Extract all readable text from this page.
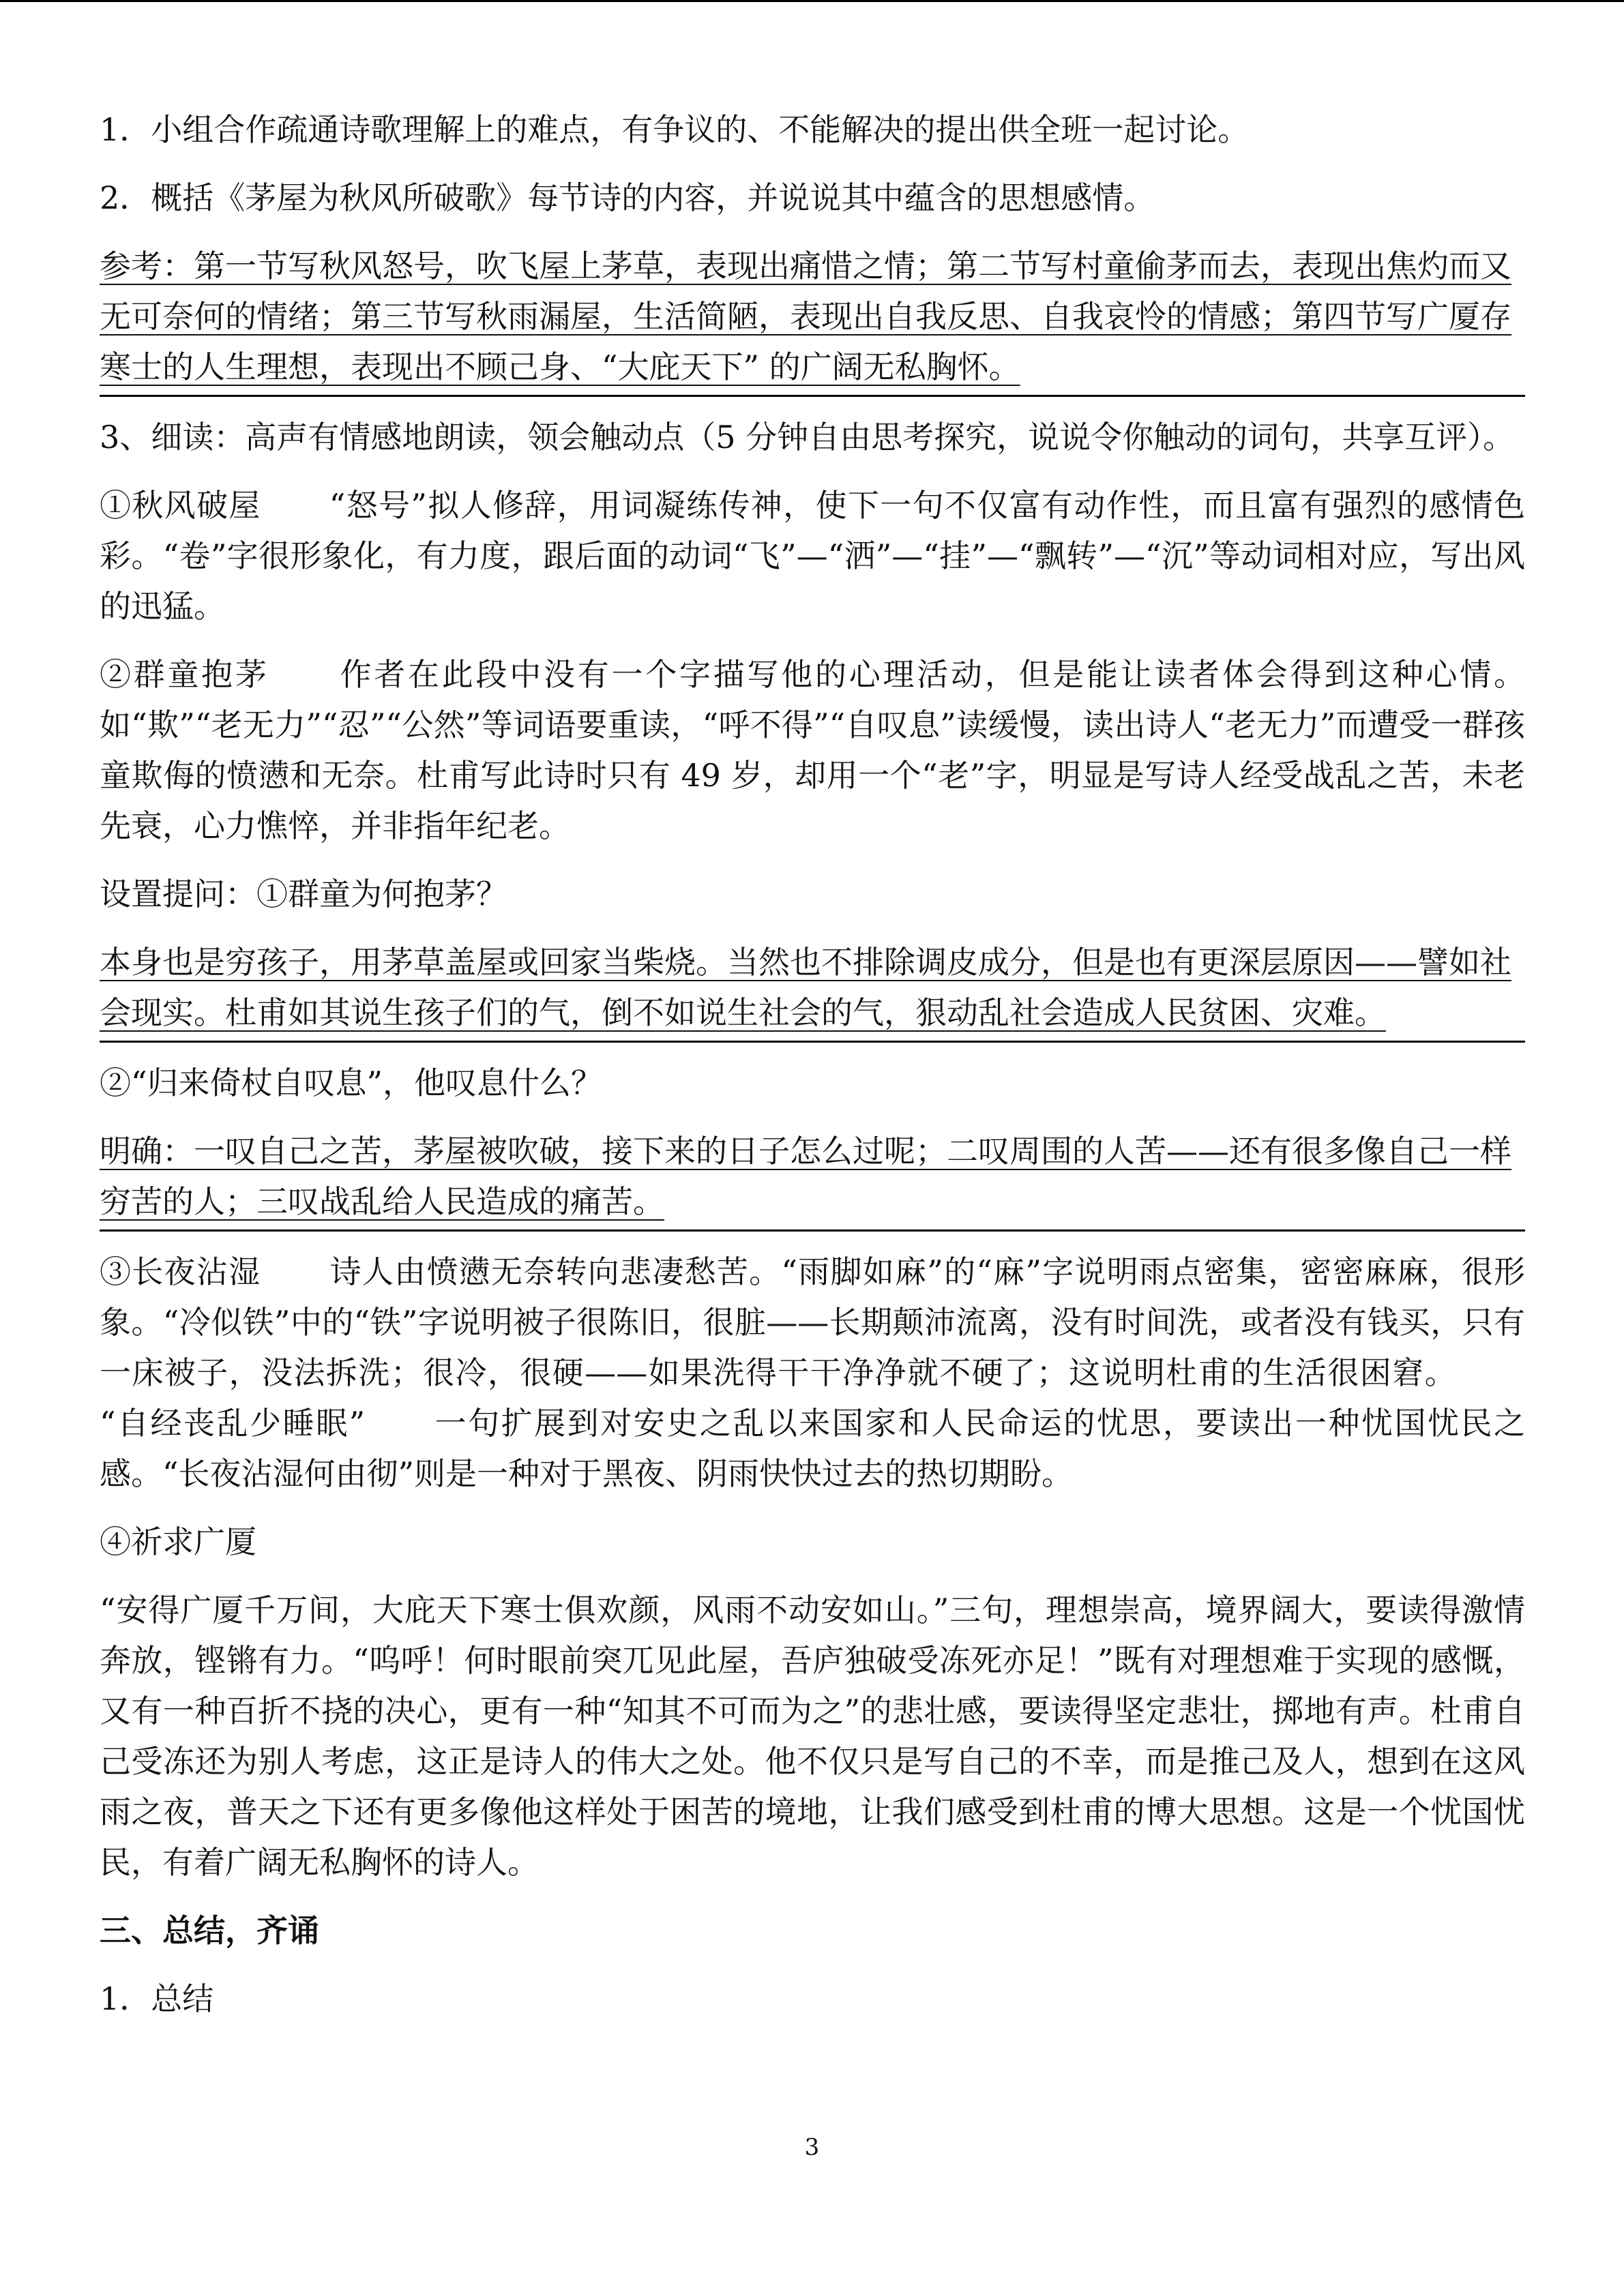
1．小组合作疏通诗歌理解上的难点，有争议的、不能解决的提出供全班一起讨论。

2．概括《茅屋为秋风所破歌》每节诗的内容，并说说其中蕴含的思想感情。

参考：第一节写秋风怒号，吹飞屋上茅草，表现出痛惜之情；第二节写村童偷茅而去，表现出焦灼而又无可奈何的情绪；第三节写秋雨漏屋，生活简陋，表现出自我反思、自我哀怜的情感；第四节写广厦存寒士的人生理想，表现出不顾己身、“大庇天下” 的广阔无私胸怀。

3、细读：高声有情感地朗读，领会触动点（5 分钟自由思考探究，说说令你触动的词句，共享互评）。

①秋风破屋 “怒号”拟人修辞，用词凝练传神，使下一句不仅富有动作性，而且富有强烈的感情色彩。“卷”字很形象化，有力度，跟后面的动词“飞”—“洒”—“挂”—“飘转”—“沉”等动词相对应，写出风的迅猛。

②群童抱茅 作者在此段中没有一个字描写他的心理活动，但是能让读者体会得到这种心情。如“欺”“老无力”“忍”“公然”等词语要重读，“呼不得”“自叹息”读缓慢，读出诗人“老无力”而遭受一群孩童欺侮的愤懑和无奈。杜甫写此诗时只有 49 岁，却用一个“老”字，明显是写诗人经受战乱之苦，未老先衰，心力憔悴，并非指年纪老。

设置提问：①群童为何抱茅？

本身也是穷孩子，用茅草盖屋或回家当柴烧。当然也不排除调皮成分，但是也有更深层原因——譬如社会现实。杜甫如其说生孩子们的气，倒不如说生社会的气，狠动乱社会造成人民贫困、灾难。

②“归来倚杖自叹息”，他叹息什么？

明确：一叹自己之苦，茅屋被吹破，接下来的日子怎么过呢；二叹周围的人苦——还有很多像自己一样穷苦的人；三叹战乱给人民造成的痛苦。

③长夜沾湿 诗人由愤懑无奈转向悲凄愁苦。“雨脚如麻”的“麻”字说明雨点密集，密密麻麻，很形象。“冷似铁”中的“铁”字说明被子很陈旧，很脏——长期颠沛流离，没有时间洗，或者没有钱买，只有一床被子，没法拆洗；很冷，很硬——如果洗得干干净净就不硬了；这说明杜甫的生活很困窘。“自经丧乱少睡眠” 一句扩展到对安史之乱以来国家和人民命运的忧思，要读出一种忧国忧民之感。“长夜沾湿何由彻”则是一种对于黑夜、阴雨快快过去的热切期盼。

④祈求广厦

“安得广厦千万间，大庇天下寒士俱欢颜，风雨不动安如山。”三句，理想崇高，境界阔大，要读得激情奔放，铿锵有力。“呜呼！何时眼前突兀见此屋，吾庐独破受冻死亦足！”既有对理想难于实现的感慨，又有一种百折不挠的决心，更有一种“知其不可而为之”的悲壮感，要读得坚定悲壮，掷地有声。杜甫自己受冻还为别人考虑，这正是诗人的伟大之处。他不仅只是写自己的不幸，而是推己及人，想到在这风雨之夜，普天之下还有更多像他这样处于困苦的境地，让我们感受到杜甫的博大思想。这是一个忧国忧民，有着广阔无私胸怀的诗人。

三、总结，齐诵

1．总结

3
